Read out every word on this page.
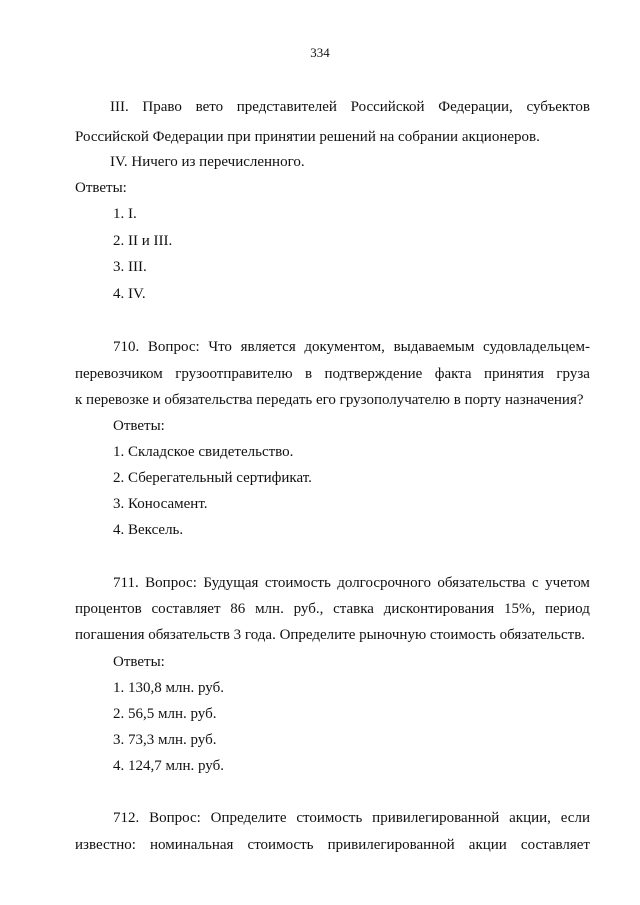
334
III. Право вето представителей Российской Федерации, субъектов
Российской Федерации при принятии решений на собрании акционеров.
IV. Ничего из перечисленного.
Ответы:
1. I.
2. II и III.
3. III.
4. IV.
710. Вопрос: Что является документом, выдаваемым судовладельцем-
перевозчиком грузоотправителю в подтверждение факта принятия груза
к перевозке и обязательства передать его грузополучателю в порту назначения?
Ответы:
1. Складское свидетельство.
2. Сберегательный сертификат.
3. Коносамент.
4. Вексель.
711. Вопрос: Будущая стоимость долгосрочного обязательства с учетом
процентов составляет 86 млн. руб., ставка дисконтирования 15%, период
погашения обязательств 3 года. Определите рыночную стоимость обязательств.
Ответы:
1. 130,8 млн. руб.
2. 56,5 млн. руб.
3. 73,3 млн. руб.
4. 124,7 млн. руб.
712. Вопрос: Определите стоимость привилегированной акции, если
известно: номинальная стоимость привилегированной акции составляет
